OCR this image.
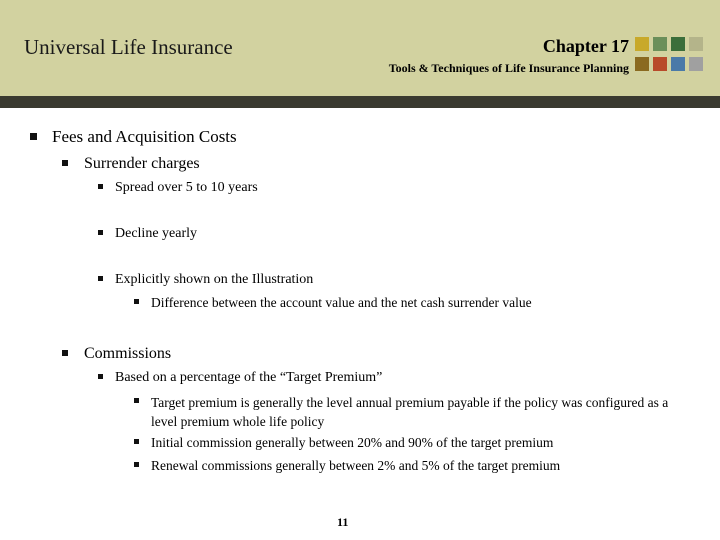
Universal Life Insurance	Chapter 17
Tools & Techniques of Life Insurance Planning
Fees and Acquisition Costs
Surrender charges
Spread over 5 to 10 years
Decline yearly
Explicitly shown on the Illustration
Difference between the account value and the net cash surrender value
Commissions
Based on a percentage of the “Target Premium”
Target premium is generally the level annual premium payable if the policy was configured as a level premium whole life policy
Initial commission generally between 20% and 90% of the target premium
Renewal commissions generally between 2% and 5% of the target premium
11
